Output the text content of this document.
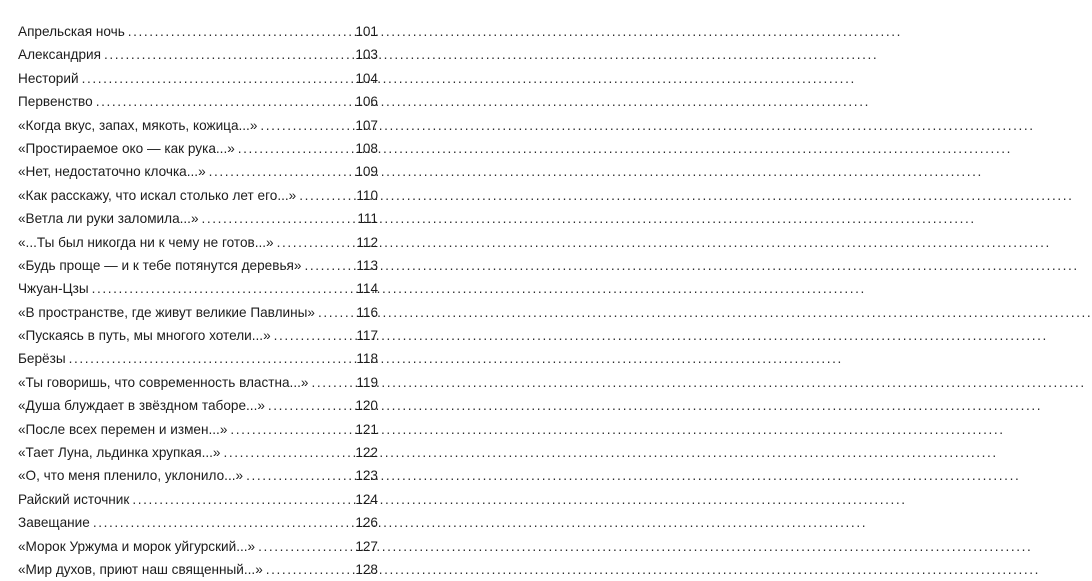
Апрельская ночь .....	101
Александрия .....	103
Несторий .....	104
Первенство .....	106
«Когда вкус, запах, мякоть, кожица...» .....	107
«Простираемое око — как рука...» .....	108
«Нет, недостаточно клочка...» .....	109
«Как расскажу, что искал столько лет его...» .....	110
«Ветла ли руки заломила...» .....	111
«...Ты был никогда ни к чему не готов...» .....	112
«Будь проще — и к тебе потянутся деревья» .....	113
Чжуан-Цзы .....	114
«В пространстве, где живут великие Павлины» .....	116
«Пускаясь в путь, мы многого хотели...» .....	117
Берёзы .....	118
«Ты говоришь, что современность властна...» .....	119
«Душа блуждает в звёздном таборе...» .....	120
«После всех перемен и измен...» .....	121
«Тает Луна, льдинка хрупкая...» .....	122
«О, что меня пленило, уклонило...» .....	123
Райский источник .....	124
Завещание .....	126
«Морок Уржума и морок уйгурский...» .....	127
«Мир духов, приют наш священный...» .....	128
